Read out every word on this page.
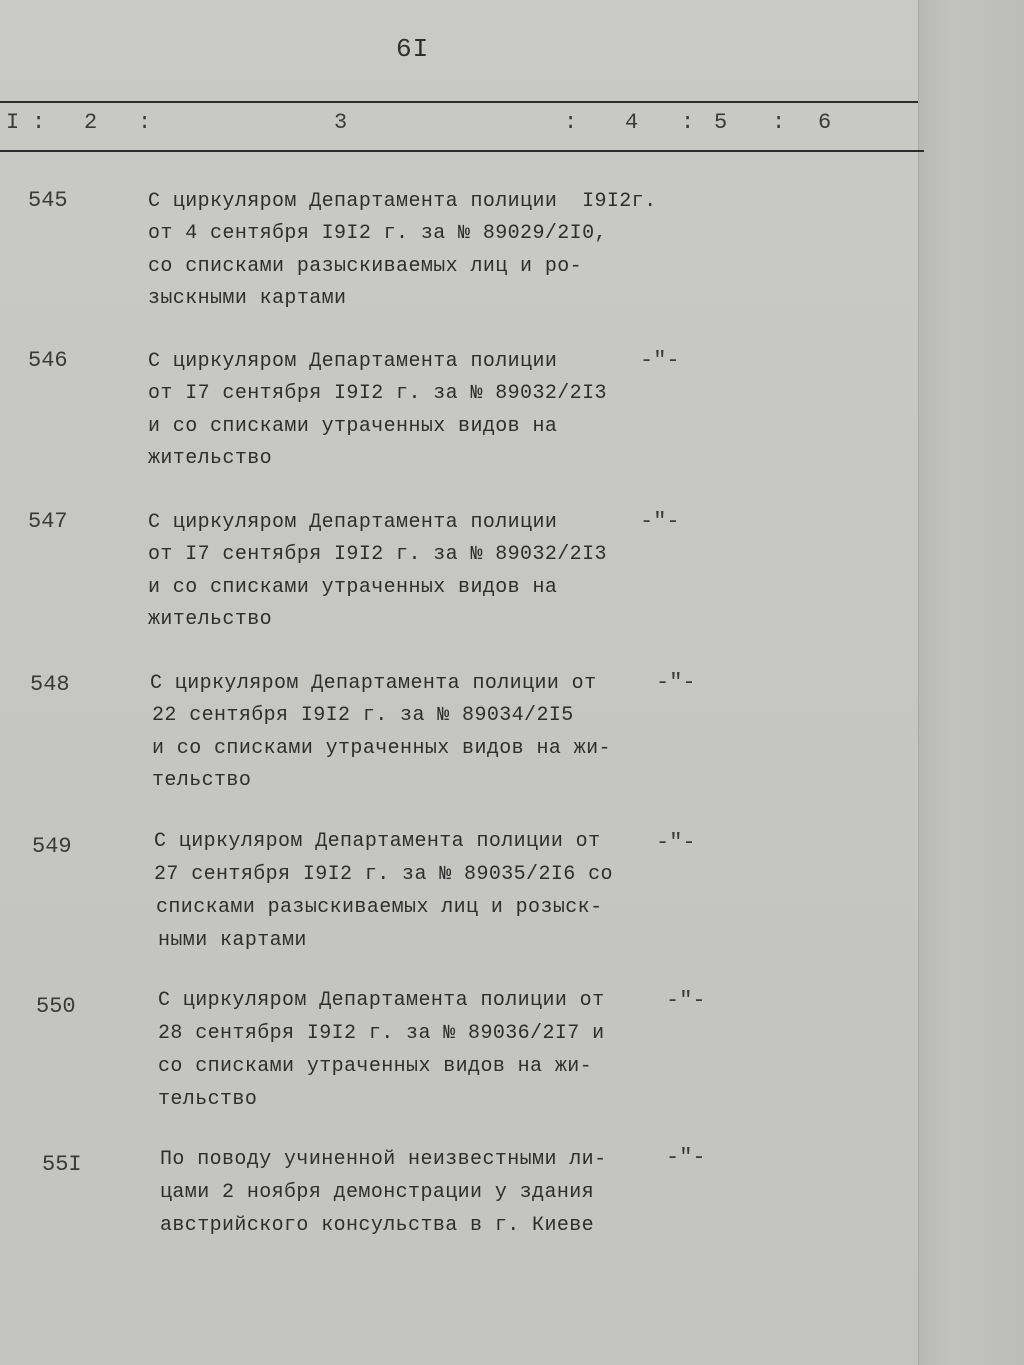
6I
I : 2 :	3	: 4 : 5 : 6
545	С циркуляром Департамента полиции  I9I2г.
от 4 сентября I9I2 г. за № 89029/2I0,
со списками разыскиваемых лиц и ро-
зыскными картами
546	С циркуляром Департамента полиции
от I7 сентября I9I2 г. за № 89032/2I3
и со списками утраченных видов на
жительство
-"-
547	С циркуляром Департамента полиции
от I7 сентября I9I2 г. за № 89032/2I3
и со списками утраченных видов на
жительство
-"-
548	С циркуляром Департамента полиции от
22 сентября I9I2 г. за № 89034/2I5
и со списками утраченных видов на жи-
тельство
-"-
549	С циркуляром Департамента полиции от
27 сентября I9I2 г. за № 89035/2I6 со
списками разыскиваемых лиц и розыск-
ными картами
-"-
550	С циркуляром Департамента полиции от
28 сентября I9I2 г. за № 89036/2I7 и
со списками утраченных видов на жи-
тельство
-"-
55I	По поводу учиненной неизвестными ли-
цами 2 ноября демонстрации у здания
австрийского консульства в г. Киеве
-"-
